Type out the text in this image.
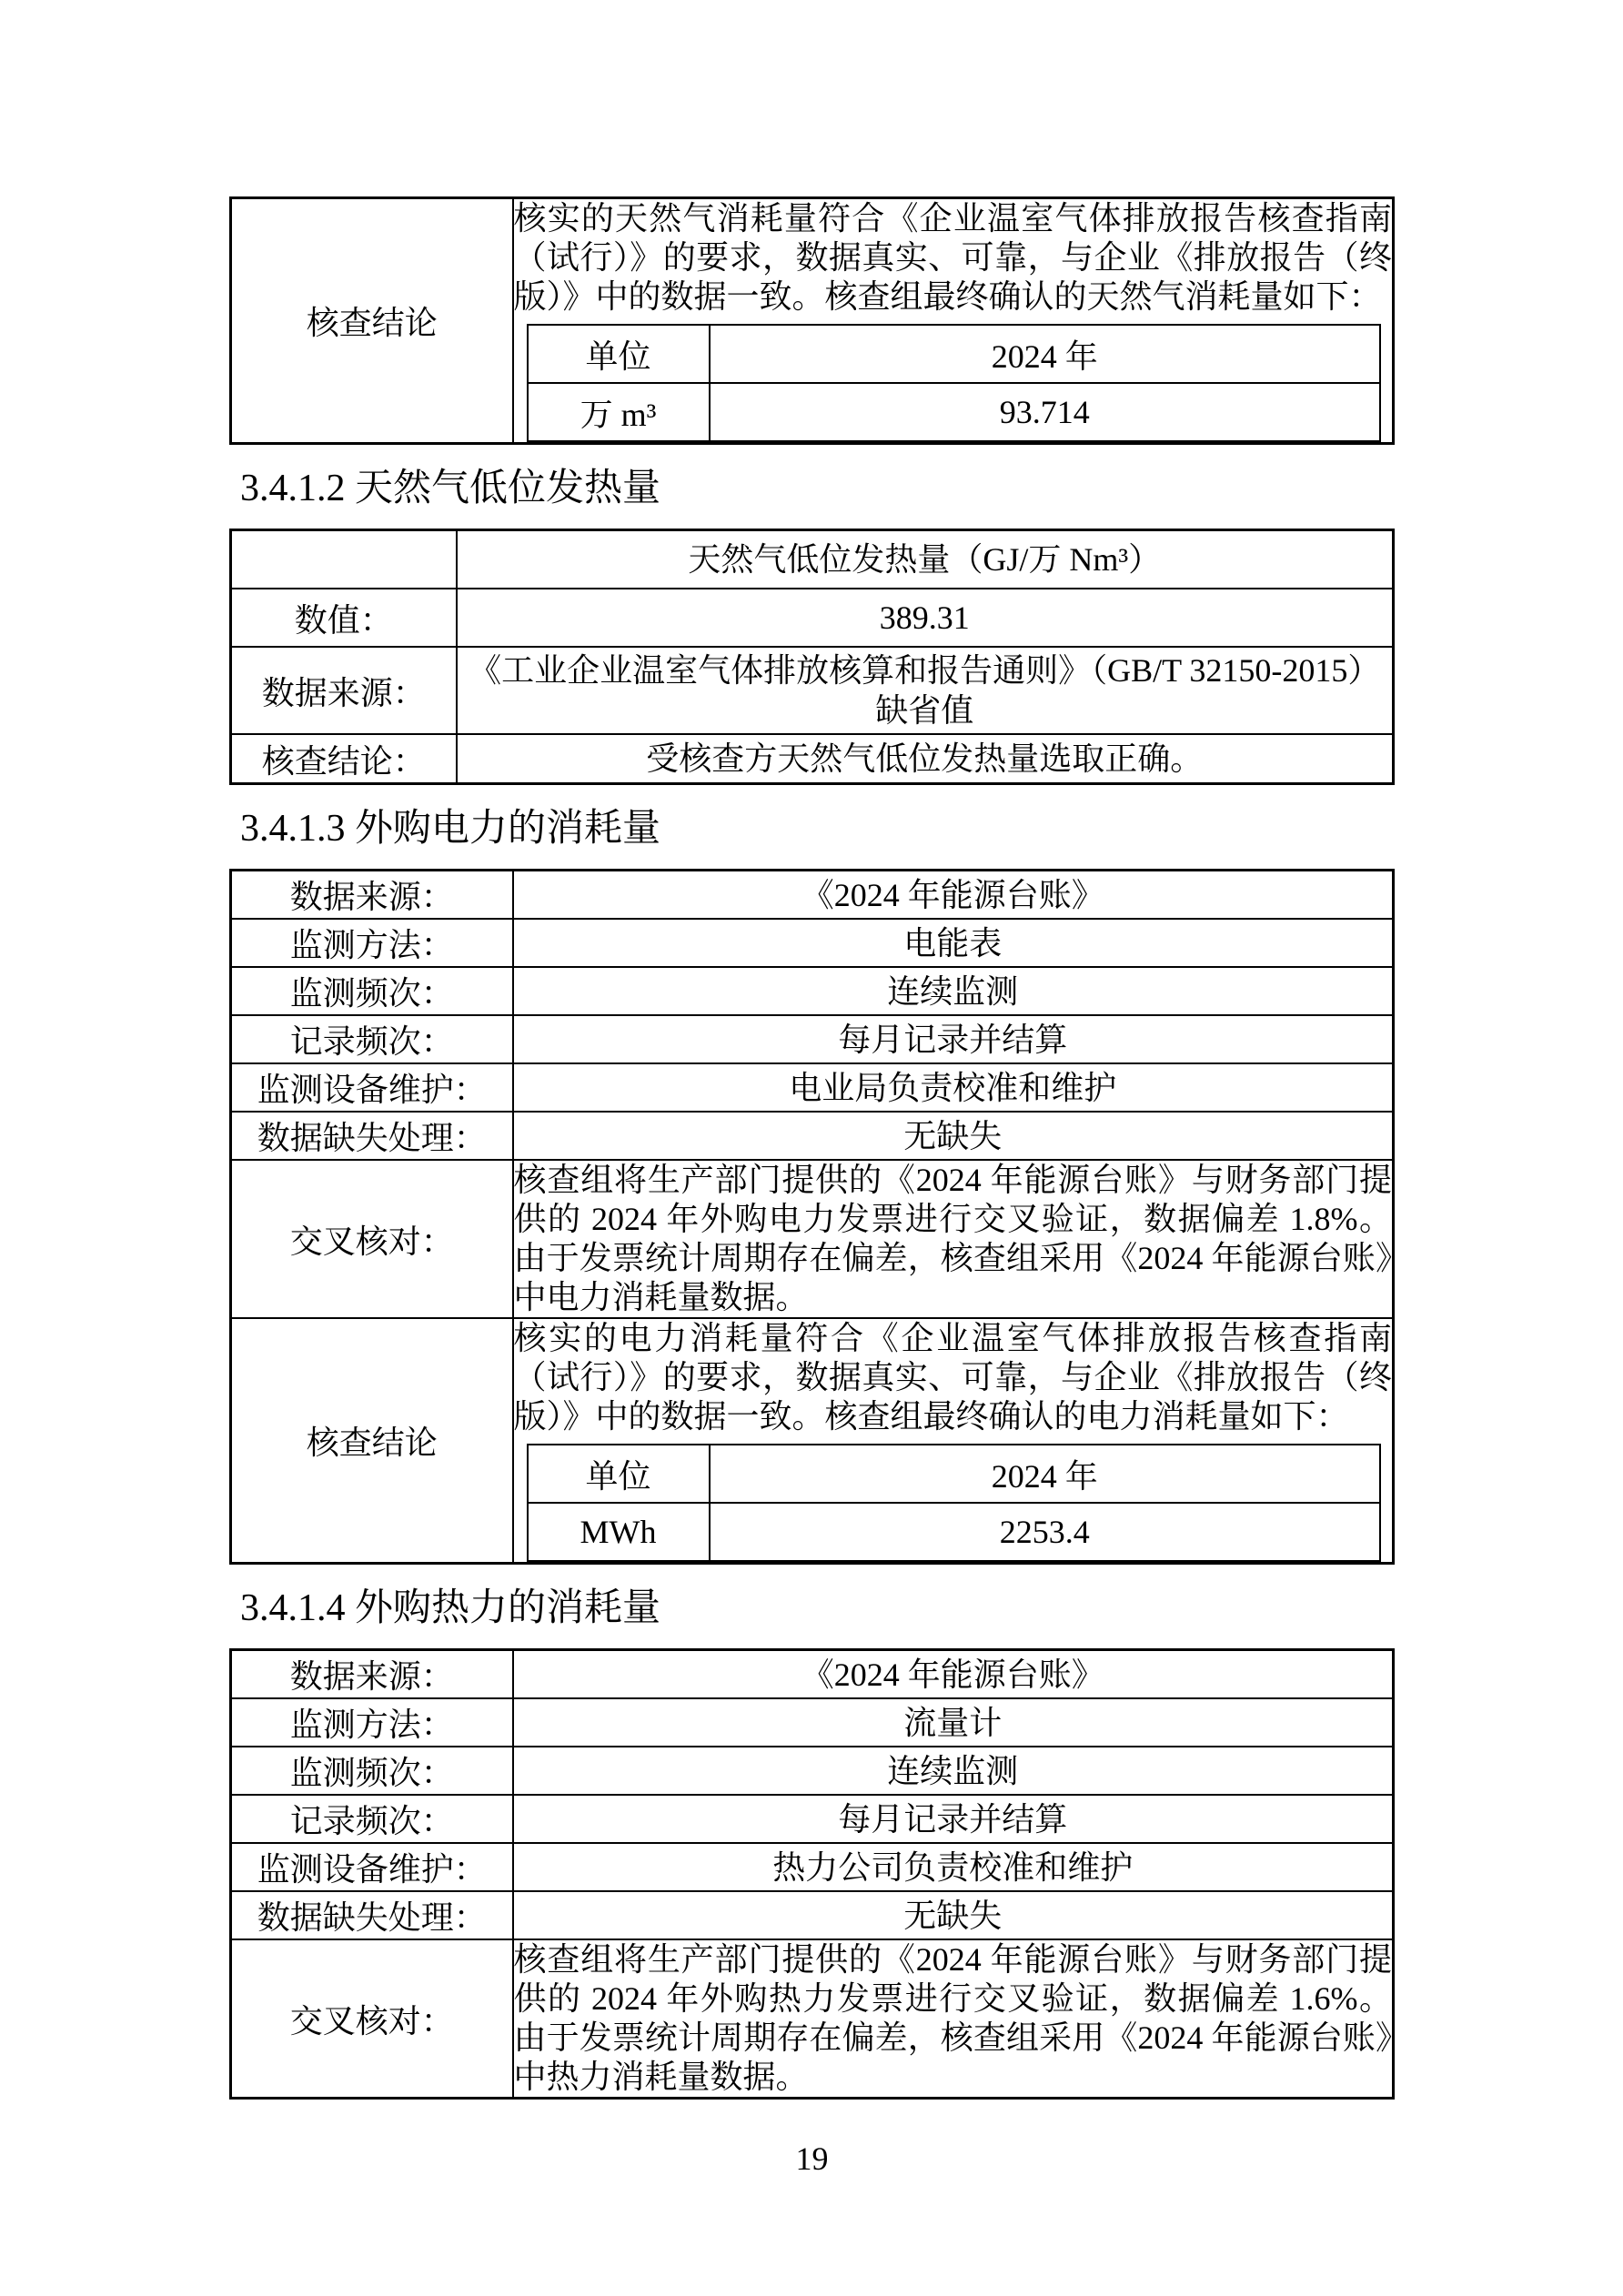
核查结论	

核实的天然气消耗量符合《企业温室气体排放报告核查指南（试行）》的要求，数据真实、可靠，与企业《排放报告（终版）》中的数据一致。核查组最终确认的天然气消耗量如下：

单位	2024 年
万 m³	93.714
3.4.1.2 天然气低位发热量
	天然气低位发热量（GJ/万 Nm³）
数值：	389.31
数据来源：	《工业企业温室气体排放核算和报告通则》（GB/T 32150-2015）缺省值
核查结论：	受核查方天然气低位发热量选取正确。
3.4.1.3 外购电力的消耗量
数据来源：	《2024 年能源台账》
监测方法：	电能表
监测频次：	连续监测
记录频次：	每月记录并结算
监测设备维护：	电业局负责校准和维护
数据缺失处理：	无缺失
交叉核对：	

核查组将生产部门提供的《2024 年能源台账》与财务部门提供的 2024 年外购电力发票进行交叉验证，数据偏差 1.8%。由于发票统计周期存在偏差，核查组采用《2024 年能源台账》中电力消耗量数据。

核查结论	

核实的电力消耗量符合《企业温室气体排放报告核查指南（试行）》的要求，数据真实、可靠，与企业《排放报告（终版）》中的数据一致。核查组最终确认的电力消耗量如下：

单位	2024 年
MWh	2253.4
3.4.1.4 外购热力的消耗量
数据来源：	《2024 年能源台账》
监测方法：	流量计
监测频次：	连续监测
记录频次：	每月记录并结算
监测设备维护：	热力公司负责校准和维护
数据缺失处理：	无缺失
交叉核对：	核查组将生产部门提供的《2024 年能源台账》与财务部门提供的 2024 年外购热力发票进行交叉验证，数据偏差 1.6%。由于发票统计周期存在偏差，核查组采用《2024 年能源台账》中热力消耗量数据。

19
